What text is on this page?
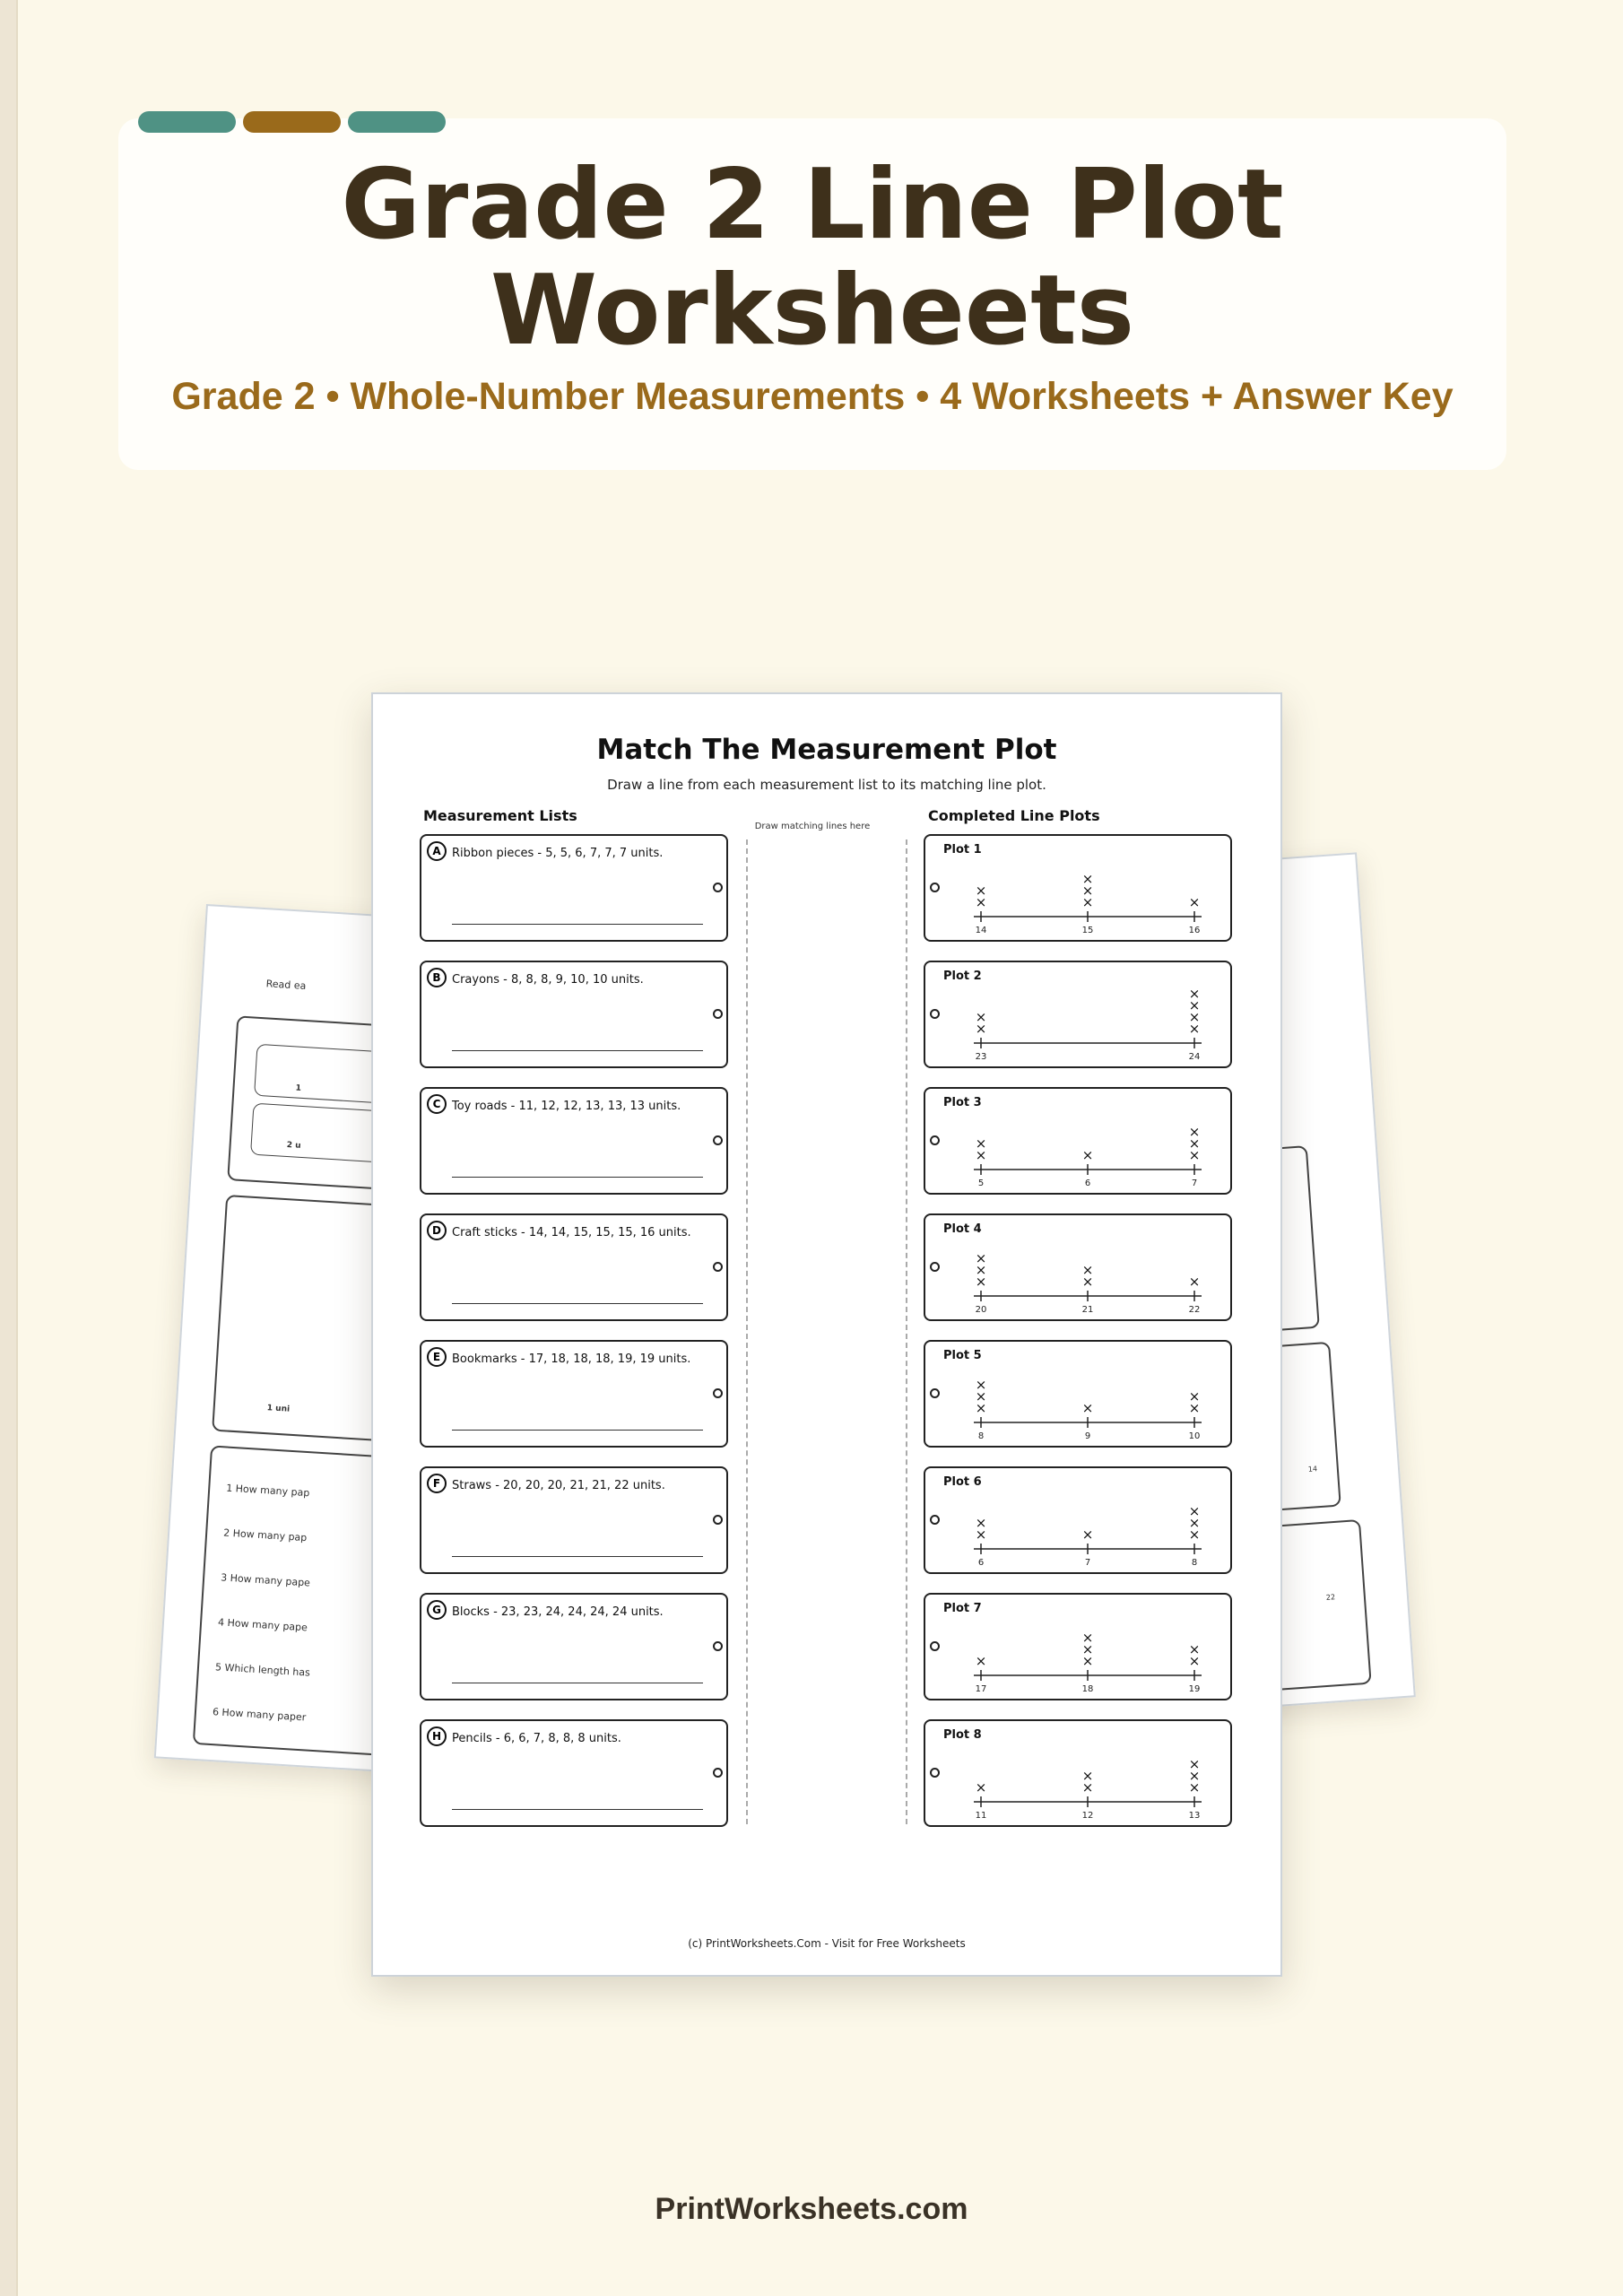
Grade 2 Line Plot
Worksheets
Grade 2 • Whole-Number Measurements • 4 Worksheets + Answer Key
Read ea
1
2 u
1 uni
1 How many pap
2 How many pap
3 How many pape
4 How many pape
5 Which length has
6 How many paper
14
22
Match The Measurement Plot
Draw a line from each measurement list to its matching line plot.
Measurement Lists
Draw matching lines here
Completed Line Plots
A Ribbon pieces - 5, 5, 6, 7, 7, 7 units.
B Crayons - 8, 8, 8, 9, 10, 10 units.
C Toy roads - 11, 12, 12, 13, 13, 13 units.
D Craft sticks - 14, 14, 15, 15, 15, 16 units.
E Bookmarks - 17, 18, 18, 18, 19, 19 units.
F Straws - 20, 20, 20, 21, 21, 22 units.
G Blocks - 23, 23, 24, 24, 24, 24 units.
H Pencils - 6, 6, 7, 8, 8, 8 units.
Plot 1
14
×
×
15
×
×
×
16
×
Plot 2
23
×
×
24
×
×
×
×
Plot 3
5
×
×
6
×
7
×
×
×
Plot 4
20
×
×
×
21
×
×
22
×
Plot 5
8
×
×
×
9
×
10
×
×
Plot 6
6
×
×
7
×
8
×
×
×
Plot 7
17
×
18
×
×
×
19
×
×
Plot 8
11
×
12
×
×
13
×
×
×
(c) PrintWorksheets.Com - Visit for Free Worksheets
PrintWorksheets.com
